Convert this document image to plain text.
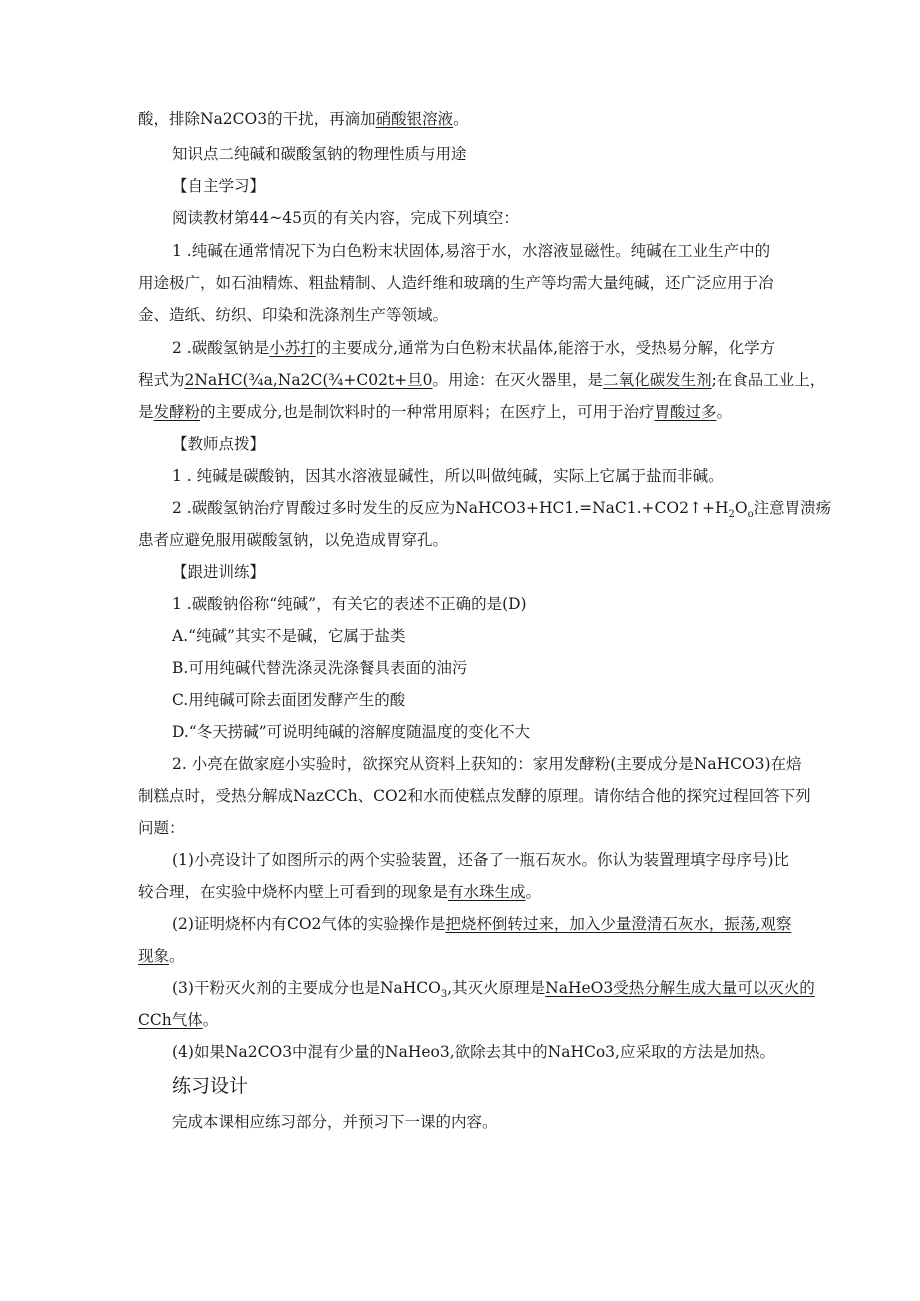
酸，排除Na2CO3的干扰，再滴加硝酸银溶液。
知识点二纯碱和碳酸氢钠的物理性质与用途
【自主学习】
阅读教材第44~45页的有关内容，完成下列填空：
1 .纯碱在通常情况下为白色粉末状固体,易溶于水，水溶液显磁性。纯碱在工业生产中的
用途极广，如石油精炼、粗盐精制、人造纤维和玻璃的生产等均需大量纯碱，还广泛应用于冶
金、造纸、纺织、印染和洗涤剂生产等领域。
2 .碳酸氢钠是小苏打的主要成分,通常为白色粉末状晶体,能溶于水，受热易分解，化学方
程式为2NaHC(¾a,Na2C(¾+C02t+旦0。用途：在灭火器里，是二氧化碳发生剂;在食品工业上，
是发酵粉的主要成分,也是制饮料时的一种常用原料；在医疗上，可用于治疗胃酸过多。
【教师点拨】
1 . 纯碱是碳酸钠，因其水溶液显碱性，所以叫做纯碱，实际上它属于盐而非碱。
2 .碳酸氢钠治疗胃酸过多时发生的反应为$NaHCO3+HC1.=NaC1.+CO2↑+H_2O_o$注意胃溃疡
患者应避免服用碳酸氢钠，以免造成胃穿孔。
【跟进训练】
1 .碳酸钠俗称“纯碱”，有关它的表述不正确的是(D)
A.“纯碱”其实不是碱，它属于盐类
B.可用纯碱代替洗涤灵洗涤餐具表面的油污
C.用纯碱可除去面团发酵产生的酸
D.“冬天捞碱”可说明纯碱的溶解度随温度的变化不大
2. 小亮在做家庭小实验时，欲探究从资料上获知的：家用发酵粉(主要成分是NaHCO3)在焙
制糕点时，受热分解成NazCCh、CO2和水而使糕点发酵的原理。请你结合他的探究过程回答下列
问题：
(1)小亮设计了如图所示的两个实验装置，还备了一瓶石灰水。你认为装置理填字母序号)比
较合理，在实验中烧杯内壁上可看到的现象是有水珠生成。
(2)证明烧杯内有CO2气体的实验操作是把烧杯倒转过来，加入少量澄清石灰水，振荡,观察
现象。
(3)干粉灭火剂的主要成分也是NaHCO$_3$,其灭火原理是NaHeO3受热分解生成大量可以灭火的
CCh气体。
(4)如果Na2CO3中混有少量的NaHeo3,欲除去其中的NaHCo3,应采取的方法是加热。
练习设计
完成本课相应练习部分，并预习下一课的内容。
